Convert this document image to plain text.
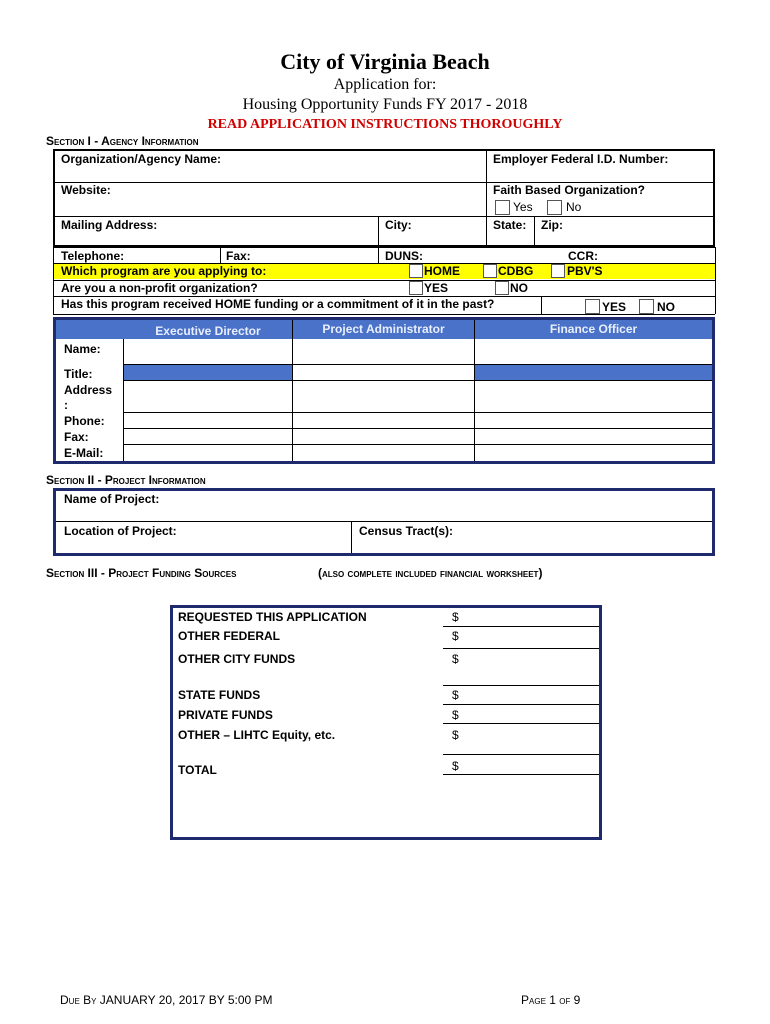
City of Virginia Beach
Application for:
Housing Opportunity Funds FY 2017 - 2018
READ APPLICATION INSTRUCTIONS THOROUGHLY
Section I - Agency Information
Organization/Agency Name:	Employer Federal I.D. Number:
Website:	Faith Based Organization?
Yes	No
Mailing Address:	City:	State: Zip:
Telephone:	Fax:	DUNS:	CCR:
Which program are you applying to:	HOME	CDBG	PBV'S
Are you a non-profit organization?	YES	NO
Has this program received HOME funding or a commitment of it in the past?	YES	NO
Executive Director	Project Administrator	Finance Officer
Name:
Title:
Address
:
Phone:
Fax:
E-Mail:
Section II - Project Information
Name of Project:
Location of Project:	Census Tract(s):
Section III - Project Funding Sources	(also complete included financial worksheet)
REQUESTED THIS APPLICATION	$
OTHER FEDERAL	$
OTHER CITY FUNDS	$
STATE FUNDS	$
PRIVATE FUNDS	$
OTHER – LIHTC Equity, etc.	$
TOTAL	$
Due By JANUARY 20, 2017 BY 5:00 PM	Page 1 of 9
